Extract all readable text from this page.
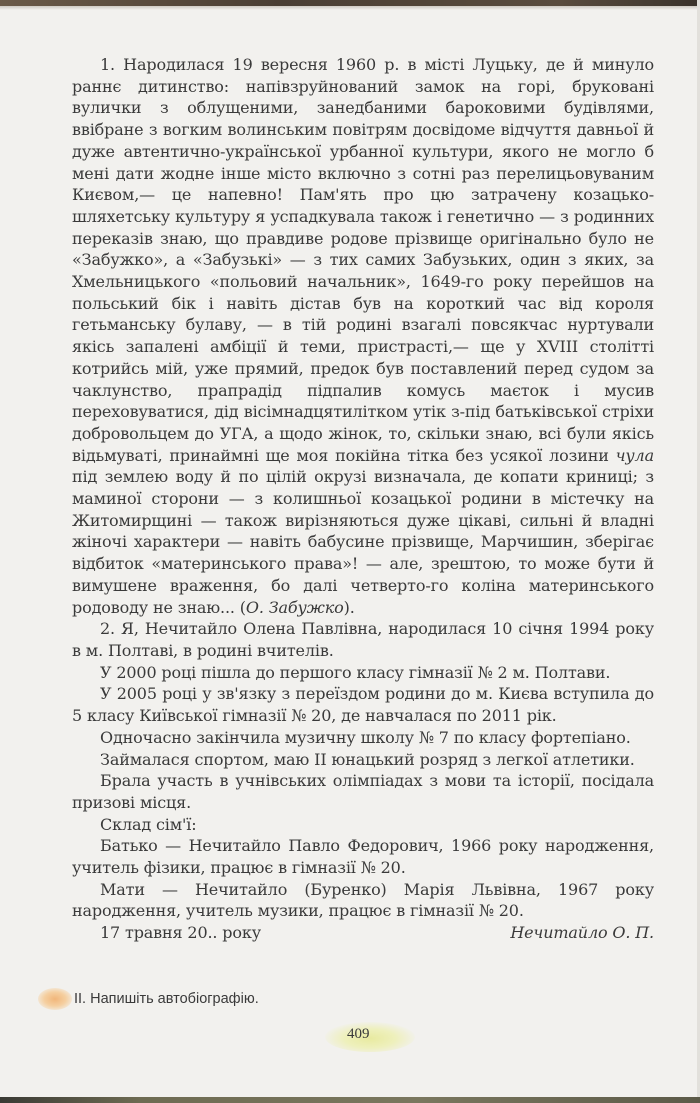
1. Народилася 19 вересня 1960 р. в місті Луцьку, де й минуло раннє дитинство: напівзруйнований замок на горі, бруковані вулички з облущеними, занедбаними бароковими будівлями, ввібране з вогким волинським повітрям досвідоме відчуття давньої й дуже автентично-української урбанної культури, якого не могло б мені дати жодне інше місто включно з сотні раз перелицьовуваним Києвом,— це напевно! Пам'ять про цю затрачену козацько-шляхетську культуру я успадкувала також і генетично — з родинних переказів знаю, що правдиве родове прізвище оригінально було не «Забужко», а «Забузькі» — з тих самих Забузьких, один з яких, за Хмельницького «польовий начальник», 1649-го року перейшов на польський бік і навіть дістав був на короткий час від короля гетьманську булаву, — в тій родині взагалі повсякчас нуртували якісь запалені амбіції й теми, пристрасті,— ще у XVIII столітті котрийсь мій, уже прямий, предок був поставлений перед судом за чаклунство, прапрадід підпалив комусь маєток і мусив переховуватися, дід вісімнадцятилітком утік з-під батьківської стріхи добровольцем до УГА, а щодо жінок, то, скільки знаю, всі були якісь відьмуваті, принаймні ще моя покійна тітка без усякої лозини чула під землею воду й по цілій окрузі визначала, де копати криниці; з маминої сторони — з колишньої козацької родини в містечку на Житомирщині — також вирізняються дуже цікаві, сильні й владні жіночі характери — навіть бабусине прізвище, Марчишин, зберігає відбиток «материнського права»! — але, зрештою, то може бути й вимушене враження, бо далі четверто-го коліна материнського родоводу не знаю... (О. Забужко).

2. Я, Нечитайло Олена Павлівна, народилася 10 січня 1994 року в м. Полтаві, в родині вчителів.

У 2000 році пішла до першого класу гімназії № 2 м. Полтави.

У 2005 році у зв'язку з переїздом родини до м. Києва вступила до 5 класу Київської гімназії № 20, де навчалася по 2011 рік.

Одночасно закінчила музичну школу № 7 по класу фортепіано.

Займалася спортом, маю II юнацький розряд з легкої атлетики.

Брала участь в учнівських олімпіадах з мови та історії, посідала призові місця.

Склад сім'ї:

Батько — Нечитайло Павло Федорович, 1966 року народження, учитель фізики, працює в гімназії № 20.

Мати — Нечитайло (Буренко) Марія Львівна, 1967 року народження, учитель музики, працює в гімназії № 20.

17 травня 20.. року	Нечитайло О. П.
ІІ. Напишіть автобіографію.
409
